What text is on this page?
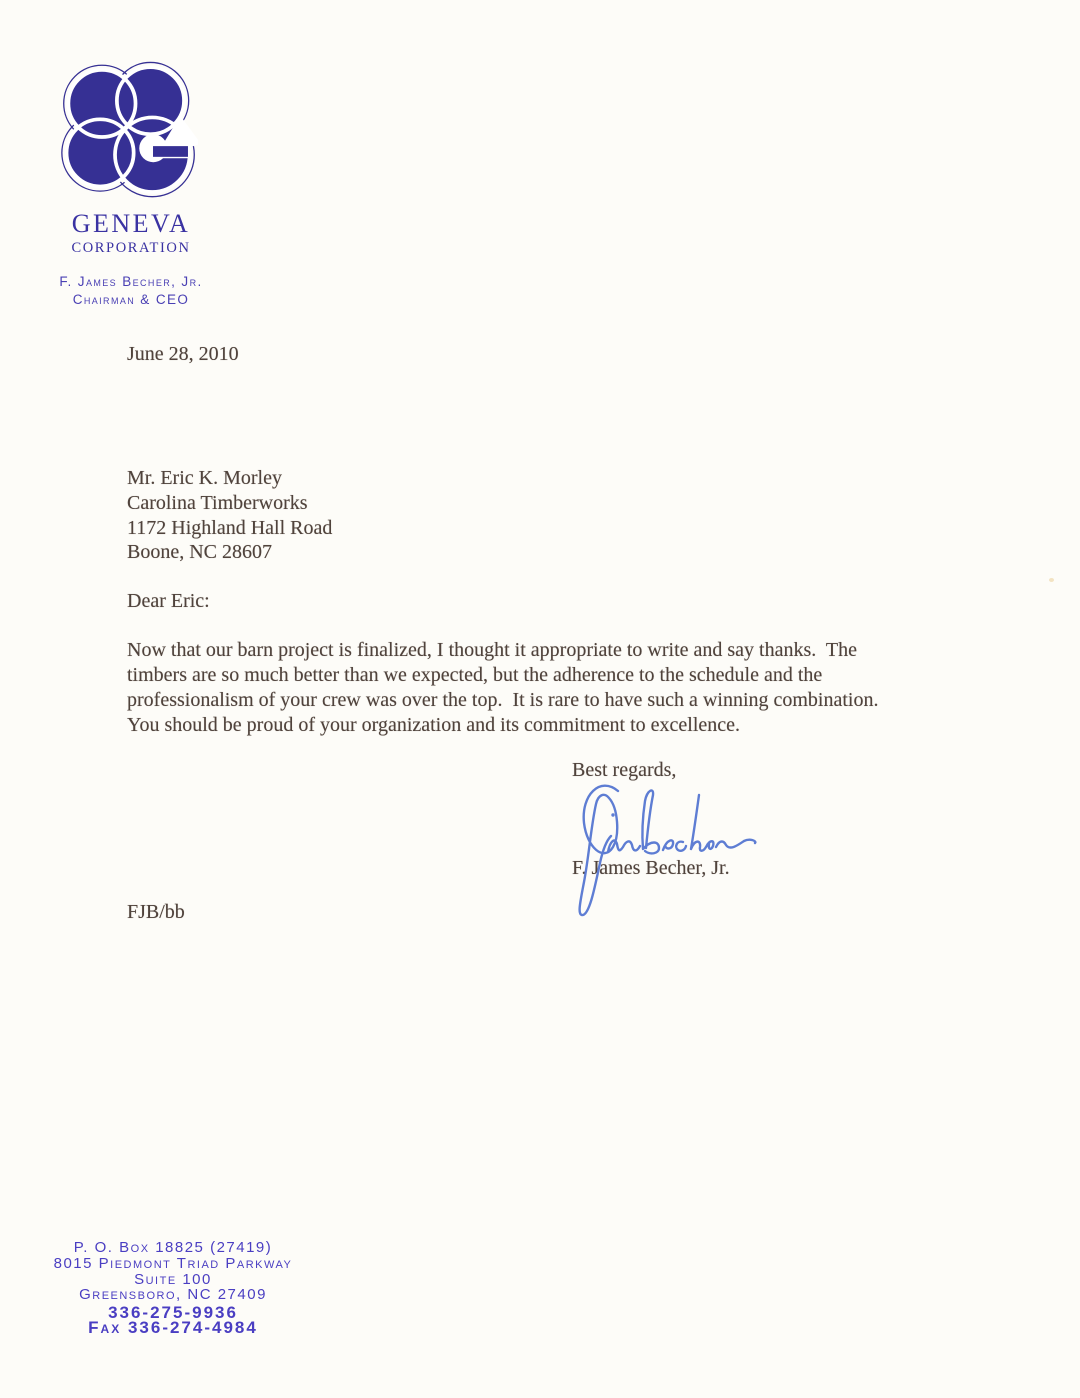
GENEVA
CORPORATION
F. James Becher, Jr.
Chairman & CEO
June 28, 2010
Mr. Eric K. Morley
Carolina Timberworks
1172 Highland Hall Road
Boone, NC 28607
Dear Eric:
Now that our barn project is finalized, I thought it appropriate to write and say thanks.  The
timbers are so much better than we expected, but the adherence to the schedule and the
professionalism of your crew was over the top.  It is rare to have such a winning combination.
You should be proud of your organization and its commitment to excellence.
Best regards,
F. James Becher, Jr.
FJB/bb
P. O. Box 18825 (27419)
8015 Piedmont Triad Parkway
Suite 100
Greensboro, NC 27409
336-275-9936
Fax 336-274-4984
